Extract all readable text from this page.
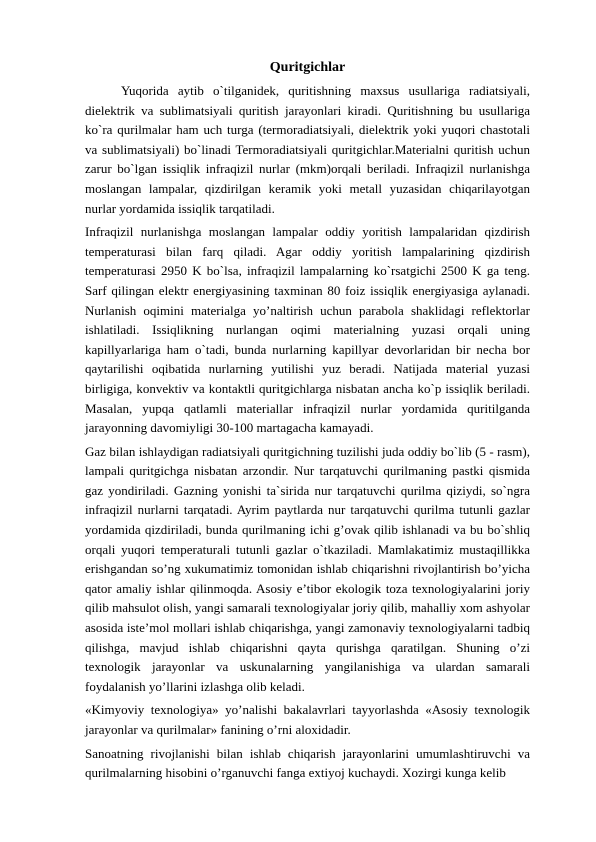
Quritgichlar

Yuqorida aytib o`tilganidek, quritishning maxsus usullariga radiatsiyali, dielektrik va sublimatsiyali quritish jarayonlari kiradi. Quritishning bu usullariga ko`ra qurilmalar ham uch turga (termoradiatsiyali, dielektrik yoki yuqori chastotali va sublimatsiyali) bo`linadi Termoradiatsiyali quritgichlar.Materialni quritish uchun zarur bo`lgan issiqlik infraqizil nurlar (mkm)orqali beriladi. Infraqizil nurlanishga moslangan lampalar, qizdirilgan keramik yoki metall yuzasidan chiqarilayotgan nurlar yordamida issiqlik tarqatiladi.

Infraqizil nurlanishga moslangan lampalar oddiy yoritish lampalaridan qizdirish temperaturasi bilan farq qiladi. Agar oddiy yoritish lampalarining qizdirish temperaturasi 2950 K bo`lsa, infraqizil lampalarning ko`rsatgichi 2500 K ga teng. Sarf qilingan elektr energiyasining taxminan 80 foiz issiqlik energiyasiga aylanadi. Nurlanish oqimini materialga yo’naltirish uchun parabola shaklidagi reflektorlar ishlatiladi. Issiqlikning nurlangan oqimi materialning yuzasi orqali uning kapillyarlariga ham o`tadi, bunda nurlarning kapillyar devorlaridan bir necha bor qaytarilishi oqibatida nurlarning yutilishi yuz beradi. Natijada material yuzasi birligiga, konvektiv va kontaktli quritgichlarga nisbatan ancha ko`p issiqlik beriladi. Masalan, yupqa qatlamli materiallar infraqizil nurlar yordamida quritilganda jarayonning davomiyligi 30-100 martagacha kamayadi.

Gaz bilan ishlaydigan radiatsiyali quritgichning tuzilishi juda oddiy bo`lib (5 - rasm), lampali quritgichga nisbatan arzondir. Nur tarqatuvchi qurilmaning pastki qismida gaz yondiriladi. Gazning yonishi ta`sirida nur tarqatuvchi qurilma qiziydi, so`ngra infraqizil nurlarni tarqatadi. Ayrim paytlarda nur tarqatuvchi qurilma tutunli gazlar yordamida qizdiriladi, bunda qurilmaning ichi g’ovak qilib ishlanadi va bu bo`shliq orqali yuqori temperaturali tutunli gazlar o`tkaziladi. Mamlakatimiz mustaqillikka erishgandan so’ng xukumatimiz tomonidan ishlab chiqarishni rivojlantirish bo’yicha qator amaliy ishlar qilinmoqda. Asosiy e’tibor ekologik toza texnologiyalarini joriy qilib mahsulot olish, yangi samarali texnologiyalar joriy qilib, mahalliy xom ashyolar asosida iste’mol mollari ishlab chiqarishga, yangi zamonaviy texnologiyalarni tadbiq qilishga, mavjud ishlab chiqarishni qayta qurishga qaratilgan. Shuning o’zi texnologik jarayonlar va uskunalarning yangilanishiga va ulardan samarali foydalanish yo’llarini izlashga olib keladi.

«Kimyoviy texnologiya» yo’nalishi bakalavrlari tayyorlashda «Asosiy texnologik jarayonlar va qurilmalar» fanining o’rni aloxidadir.

Sanoatning rivojlanishi bilan ishlab chiqarish jarayonlarini umumlashtiruvchi va qurilmalarning hisobini o’rganuvchi fanga extiyoj kuchaydi. Xozirgi kunga kelib
